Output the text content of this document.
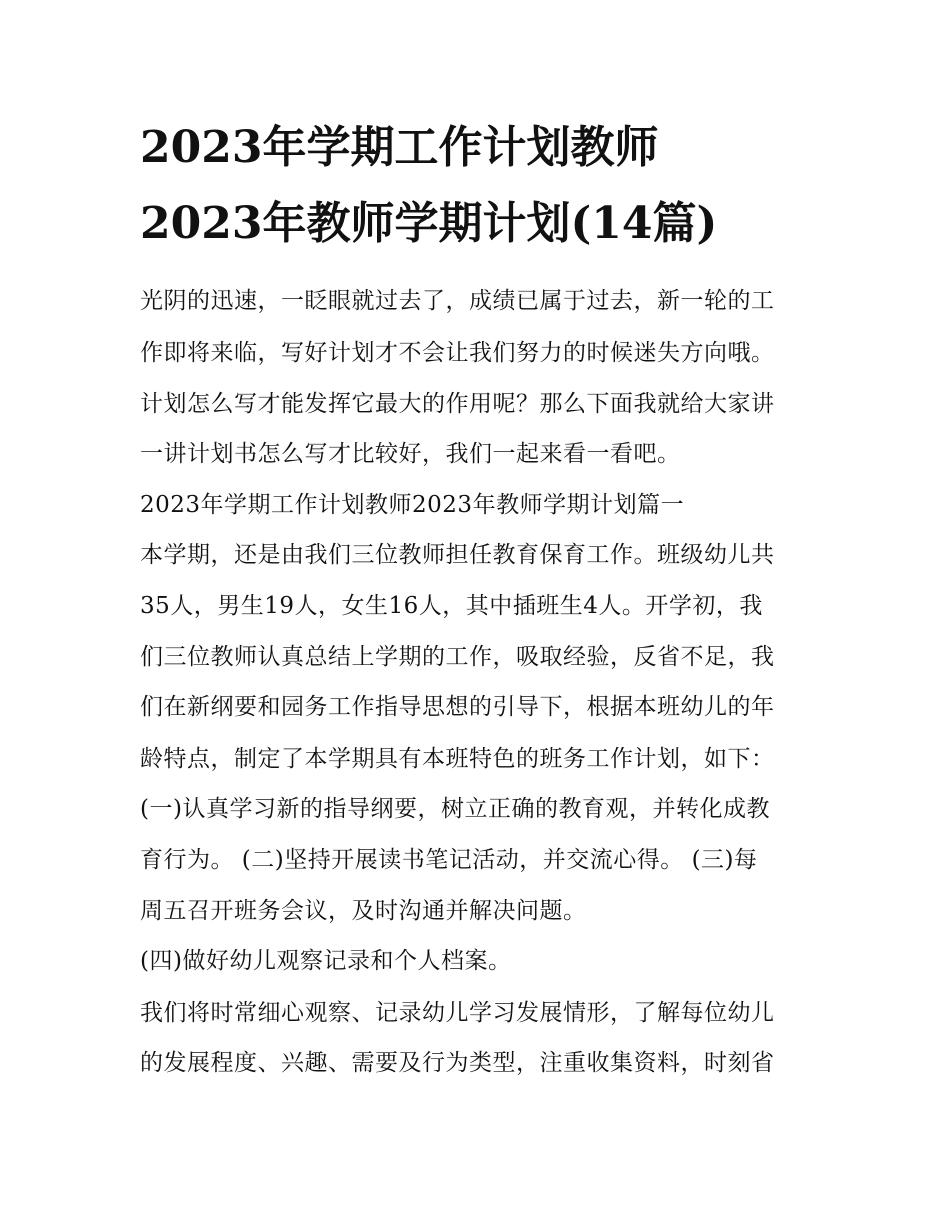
2023年学期工作计划教师
2023年教师学期计划(14篇)
光阴的迅速，一眨眼就过去了，成绩已属于过去，新一轮的工
作即将来临，写好计划才不会让我们努力的时候迷失方向哦。
计划怎么写才能发挥它最大的作用呢？那么下面我就给大家讲
一讲计划书怎么写才比较好，我们一起来看一看吧。
2023年学期工作计划教师2023年教师学期计划篇一
本学期，还是由我们三位教师担任教育保育工作。班级幼儿共
35人，男生19人，女生16人，其中插班生4人。开学初，我
们三位教师认真总结上学期的工作，吸取经验，反省不足，我
们在新纲要和园务工作指导思想的引导下，根据本班幼儿的年
龄特点，制定了本学期具有本班特色的班务工作计划，如下：
(一)认真学习新的指导纲要，树立正确的教育观，并转化成教
育行为。 (二)坚持开展读书笔记活动，并交流心得。 (三)每
周五召开班务会议，及时沟通并解决问题。
(四)做好幼儿观察记录和个人档案。
我们将时常细心观察、记录幼儿学习发展情形，了解每位幼儿
的发展程度、兴趣、需要及行为类型，注重收集资料，时刻省
